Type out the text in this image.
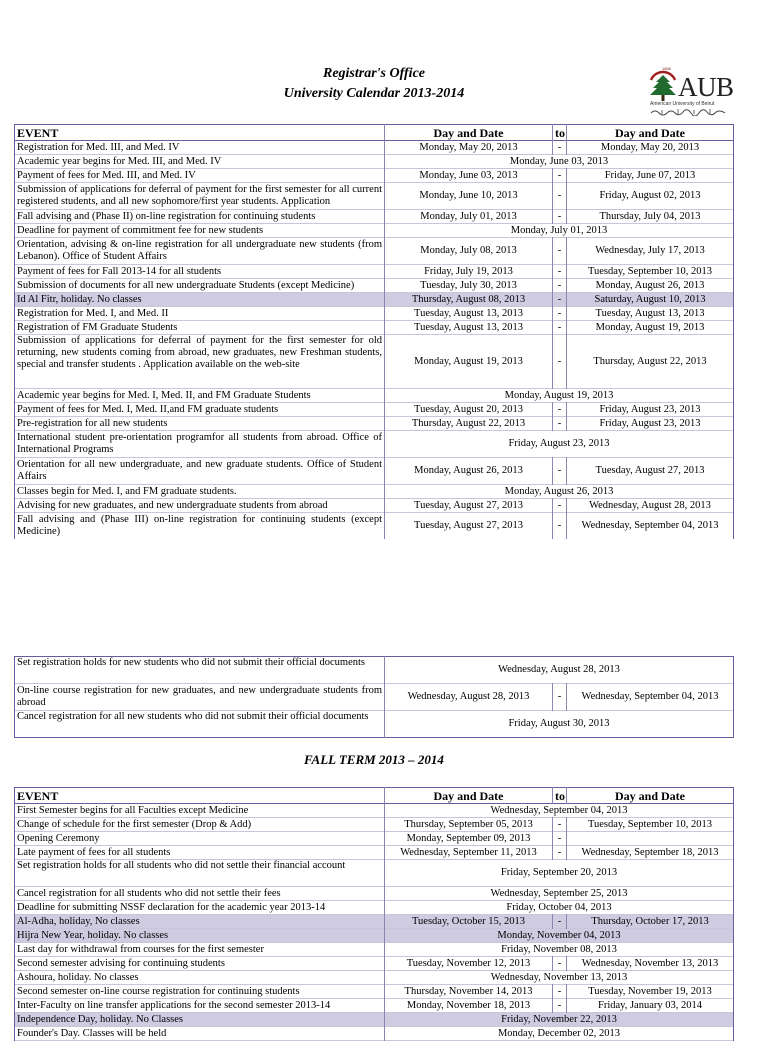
Registrar's Office
University Calendar 2013-2014
1866
AUB
American University of Beirut
EVENT	Day and Date	to	Day and Date
Registration for Med. III, and Med. IV	Monday, May 20, 2013	-	Monday, May 20, 2013
Academic year begins for Med. III, and Med. IV	Monday, June 03, 2013		
Payment of fees for Med. III, and Med. IV	Monday, June 03, 2013	-	Friday, June 07, 2013
Submission of applications for deferral of payment for the first semester for all current registered students, and all new sophomore/first year students. Application	Monday, June 10, 2013	-	Friday, August 02, 2013
Fall advising and (Phase II) on-line registration for continuing students	Monday, July 01, 2013	-	Thursday, July 04, 2013
Deadline for payment of commitment fee for new students	Monday, July 01, 2013		
Orientation, advising & on-line registration for all undergraduate new students (from Lebanon). Office of Student Affairs	Monday, July 08, 2013	-	Wednesday, July 17, 2013
Payment of fees for Fall 2013-14 for all students	Friday, July 19, 2013	-	Tuesday, September 10, 2013
Submission of documents for all new undergraduate Students (except Medicine)	Tuesday, July 30, 2013	-	Monday, August 26, 2013
Id Al Fitr, holiday. No classes	Thursday, August 08, 2013	-	Saturday, August 10, 2013
Registration for Med. I, and Med. II	Tuesday, August 13, 2013	-	Tuesday, August 13, 2013
Registration of FM Graduate Students	Tuesday, August 13, 2013	-	Monday, August 19, 2013
Submission of applications for deferral of payment for the first semester for old returning, new students coming from abroad, new graduates, new Freshman students, special and transfer students . Application available on the web-site	Monday, August 19, 2013	-	Thursday, August 22, 2013
Academic year begins for Med. I, Med. II, and FM Graduate Students	Monday, August 19, 2013		
Payment of fees for Med. I, Med. II,and FM graduate students	Tuesday, August 20, 2013	-	Friday, August 23, 2013
Pre-registration for all new students	Thursday, August 22, 2013	-	Friday, August 23, 2013
International student pre-orientation programfor all students from abroad. Office of International Programs	Friday, August 23, 2013		
Orientation for all new undergraduate, and new graduate students. Office of Student Affairs	Monday, August 26, 2013	-	Tuesday, August 27, 2013
Classes begin for Med. I, and FM graduate students.	Monday, August 26, 2013		
Advising for new graduates, and new undergraduate students from abroad	Tuesday, August 27, 2013	-	Wednesday, August 28, 2013
Fall advising and (Phase III) on-line registration for continuing students (except Medicine)	Tuesday, August 27, 2013	-	Wednesday, September 04, 2013
Set registration holds for new students who did not submit their official documents	Wednesday, August 28, 2013		
On-line course registration for new graduates, and new undergraduate students from abroad	Wednesday, August 28, 2013	-	Wednesday, September 04, 2013
Cancel registration for all new students who did not submit their official documents	Friday, August 30, 2013		
FALL TERM 2013 – 2014
EVENT	Day and Date	to	Day and Date
First Semester begins for all Faculties except Medicine	Wednesday, September 04, 2013		
Change of schedule for the first semester (Drop & Add)	Thursday, September 05, 2013	-	Tuesday, September 10, 2013
Opening Ceremony	Monday, September 09, 2013	-	
Late payment of fees for all students	Wednesday, September 11, 2013	-	Wednesday, September 18, 2013
Set registration holds for all students who did not settle their financial account	Friday, September 20, 2013		
Cancel registration for all students who did not settle their fees	Wednesday, September 25, 2013		
Deadline for submitting NSSF declaration for the academic year 2013-14	Friday, October 04, 2013		
Al-Adha, holiday, No classes	Tuesday, October 15, 2013	-	Thursday, October 17, 2013
Hijra New Year, holiday. No classes	Monday, November 04, 2013		
Last day for withdrawal from courses for the first semester	Friday, November 08, 2013		
Second semester advising for continuing students	Tuesday, November 12, 2013	-	Wednesday, November 13, 2013
Ashoura, holiday. No classes	Wednesday, November 13, 2013		
Second semester on-line course registration for continuing students	Thursday, November 14, 2013	-	Tuesday, November 19, 2013
Inter-Faculty on line transfer applications for the second semester 2013-14	Monday, November 18, 2013	-	Friday, January 03, 2014
Independence Day, holiday. No Classes	Friday, November 22, 2013		
Founder's Day. Classes will be held	Monday, December 02, 2013		
